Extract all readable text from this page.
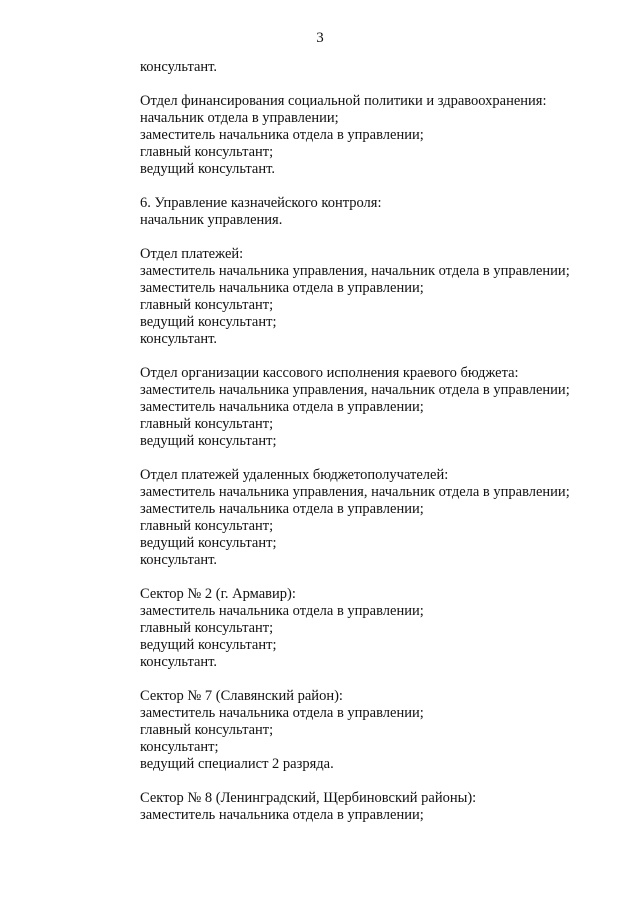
3
консультант.
Отдел финансирования социальной политики и здравоохранения:
начальник отдела в управлении;
заместитель начальника отдела в управлении;
главный консультант;
ведущий консультант.
6. Управление казначейского контроля:
начальник управления.
Отдел платежей:
заместитель начальника управления, начальник отдела в управлении;
заместитель начальника отдела в управлении;
главный консультант;
ведущий консультант;
консультант.
Отдел организации кассового исполнения краевого бюджета:
заместитель начальника управления, начальник отдела в управлении;
заместитель начальника отдела в управлении;
главный консультант;
ведущий консультант;
Отдел платежей удаленных бюджетополучателей:
заместитель начальника управления, начальник отдела в управлении;
заместитель начальника отдела в управлении;
главный консультант;
ведущий консультант;
консультант.
Сектор № 2 (г. Армавир):
заместитель начальника отдела в управлении;
главный консультант;
ведущий консультант;
консультант.
Сектор № 7 (Славянский район):
заместитель начальника отдела в управлении;
главный консультант;
консультант;
ведущий специалист 2 разряда.
Сектор № 8 (Ленинградский, Щербиновский районы):
заместитель начальника отдела в управлении;
